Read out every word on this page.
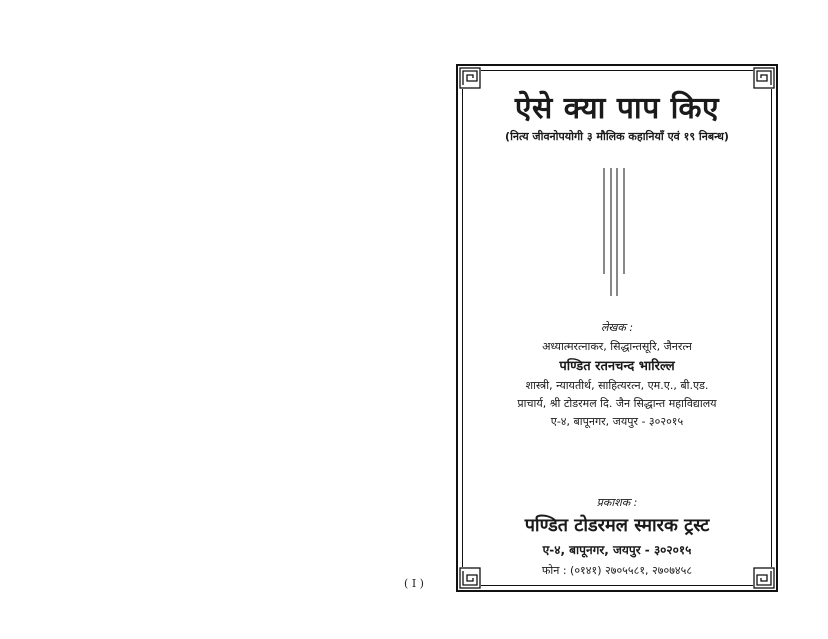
( I )
ऐसे क्या पाप किए
(नित्य जीवनोपयोगी ३ मौलिक कहानियाँ एवं १९ निबन्ध)
लेखक :
अध्यात्मरत्नाकर, सिद्धान्तसूरि, जैनरत्न
पण्डित रतनचन्द भारिल्ल
शास्त्री, न्यायतीर्थ, साहित्यरत्न, एम.ए., बी.एड.
प्राचार्य, श्री टोडरमल दि. जैन सिद्धान्त महाविद्यालय
ए-४, बापूनगर, जयपुर - ३०२०१५
प्रकाशक :
पण्डित टोडरमल स्मारक ट्रस्ट
ए-४, बापूनगर, जयपुर - ३०२०१५
फोन : (०१४१) २७०५५८१, २७०७४५८
